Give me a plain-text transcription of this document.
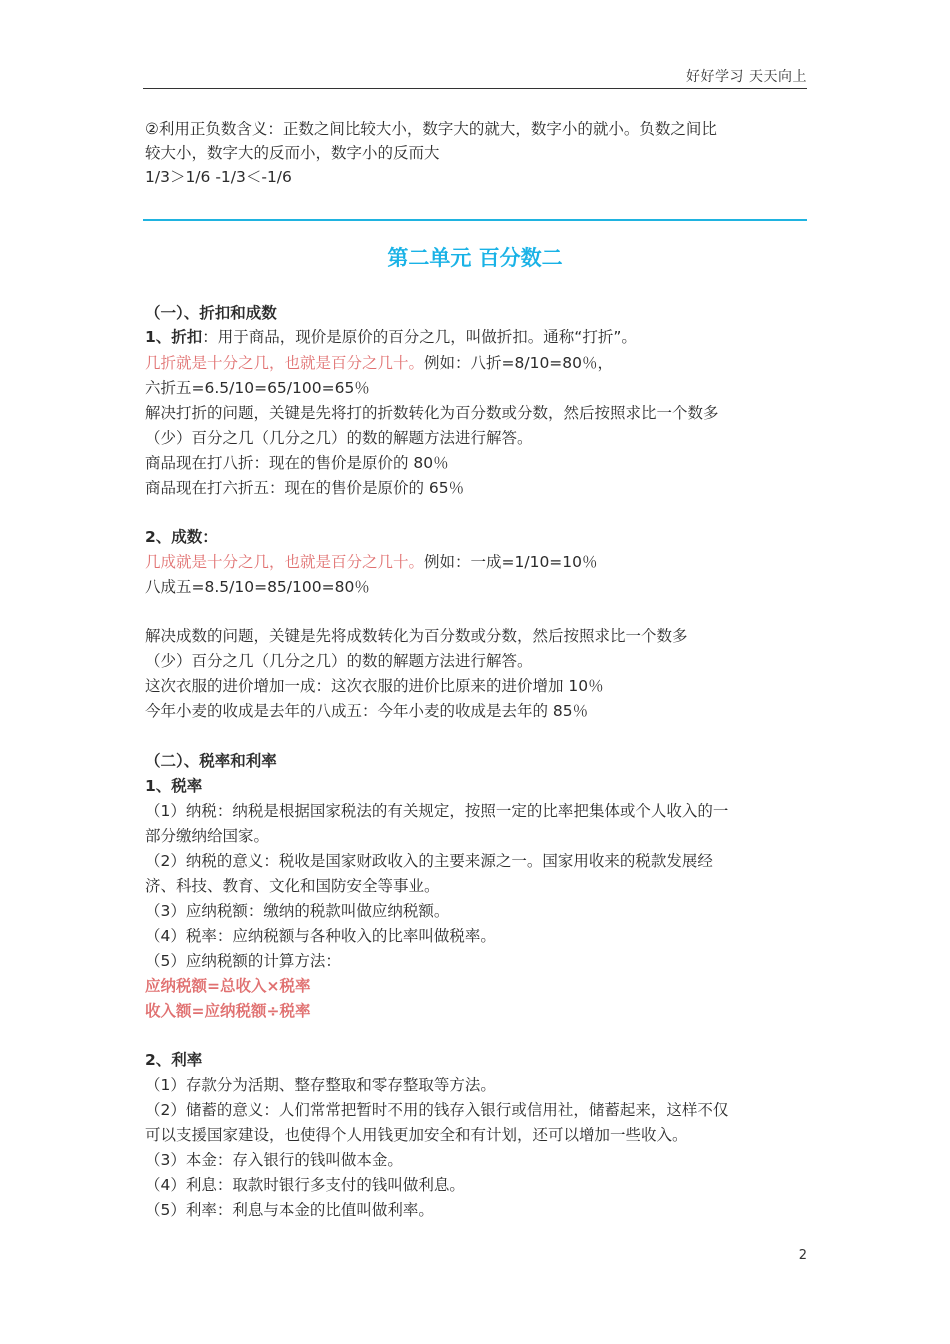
好好学习 天天向上
②利用正负数含义：正数之间比较大小，数字大的就大，数字小的就小。负数之间比
较大小，数字大的反而小，数字小的反而大
1/3＞1/6 -1/3＜-1/6
第二单元 百分数二
（一）、折扣和成数
1、折扣：用于商品，现价是原价的百分之几，叫做折扣。通称“打折”。
几折就是十分之几，也就是百分之几十。例如：八折=8/10=80％，
六折五=6.5/10=65/100=65％
解决打折的问题，关键是先将打的折数转化为百分数或分数，然后按照求比一个数多
（少）百分之几（几分之几）的数的解题方法进行解答。
商品现在打八折：现在的售价是原价的 80％
商品现在打六折五：现在的售价是原价的 65％
2、成数：
几成就是十分之几，也就是百分之几十。例如：一成=1/10=10％
八成五=8.5/10=85/100=80％
解决成数的问题，关键是先将成数转化为百分数或分数，然后按照求比一个数多
（少）百分之几（几分之几）的数的解题方法进行解答。
这次衣服的进价增加一成：这次衣服的进价比原来的进价增加 10％
今年小麦的收成是去年的八成五：今年小麦的收成是去年的 85％
（二）、税率和利率
1、税率
（1）纳税：纳税是根据国家税法的有关规定，按照一定的比率把集体或个人收入的一
部分缴纳给国家。
（2）纳税的意义：税收是国家财政收入的主要来源之一。国家用收来的税款发展经
济、科技、教育、文化和国防安全等事业。
（3）应纳税额：缴纳的税款叫做应纳税额。
（4）税率：应纳税额与各种收入的比率叫做税率。
（5）应纳税额的计算方法：
应纳税额=总收入×税率
收入额=应纳税额÷税率
2、利率
（1）存款分为活期、整存整取和零存整取等方法。
（2）储蓄的意义：人们常常把暂时不用的钱存入银行或信用社，储蓄起来，这样不仅
可以支援国家建设，也使得个人用钱更加安全和有计划，还可以增加一些收入。
（3）本金：存入银行的钱叫做本金。
（4）利息：取款时银行多支付的钱叫做利息。
（5）利率：利息与本金的比值叫做利率。
2
